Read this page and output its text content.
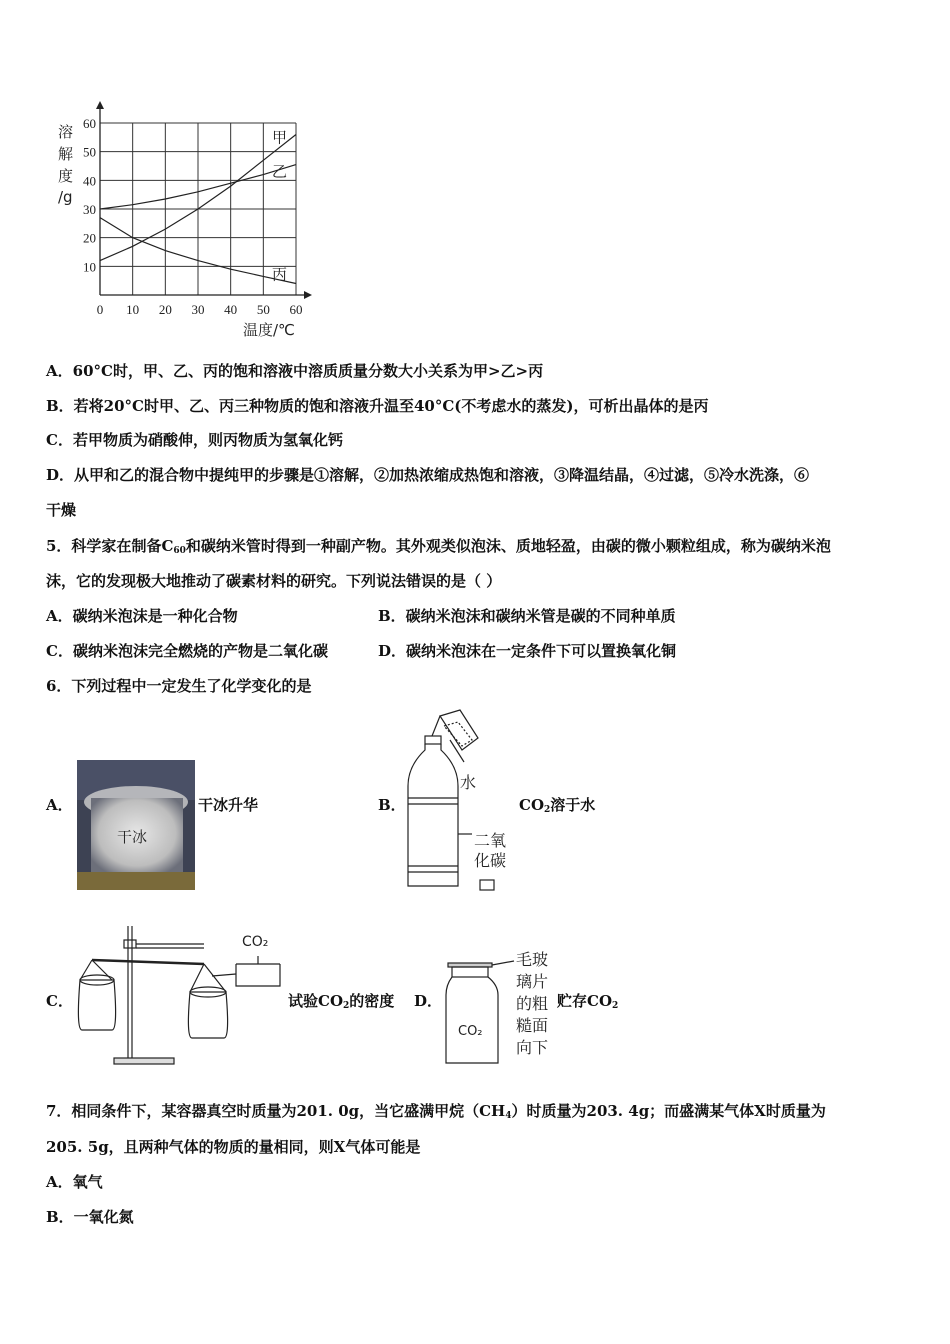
0 10 20 30 40 50 60
60
50
40
30
20
10
溶
解
度
/g
温度/℃
甲
乙
丙
A．60°C时，甲、乙、丙的饱和溶液中溶质质量分数大小关系为甲>乙>丙
B．若将20°C时甲、乙、丙三种物质的饱和溶液升温至40°C(不考虑水的蒸发)，可析出晶体的是丙
C．若甲物质为硝酸伸，则丙物质为氢氧化钙
D．从甲和乙的混合物中提纯甲的步骤是①溶解，②加热浓缩成热饱和溶液，③降温结晶，④过滤，⑤冷水洗涤，⑥
干燥
5．科学家在制备$C_{60}$和碳纳米管时得到一种副产物。其外观类似泡沫、质地轻盈，由碳的微小颗粒组成，称为碳纳米泡
沫，它的发现极大地推动了碳素材料的研究。下列说法错误的是（ ）
A．碳纳米泡沫是一种化合物	B．碳纳米泡沫和碳纳米管是碳的不同种单质
C．碳纳米泡沫完全燃烧的产物是二氧化碳	D．碳纳米泡沫在一定条件下可以置换氧化铜
6．下列过程中一定发生了化学变化的是
A．
干冰
干冰升华	B．
水
二氧
化碳
$CO_2$溶于水
C．
CO₂
试验$CO_2$的密度 D．
CO₂
毛玻
璃片
的粗
糙面
向下
贮存$CO_2$
7．相同条件下，某容器真空时质量为201. 0g，当它盛满甲烷$(CH_4)$时质量为203. 4g；而盛满某气体X时质量为
205. 5g，且两种气体的物质的量相同，则X气体可能是
A．氧气
B．一氧化氮
